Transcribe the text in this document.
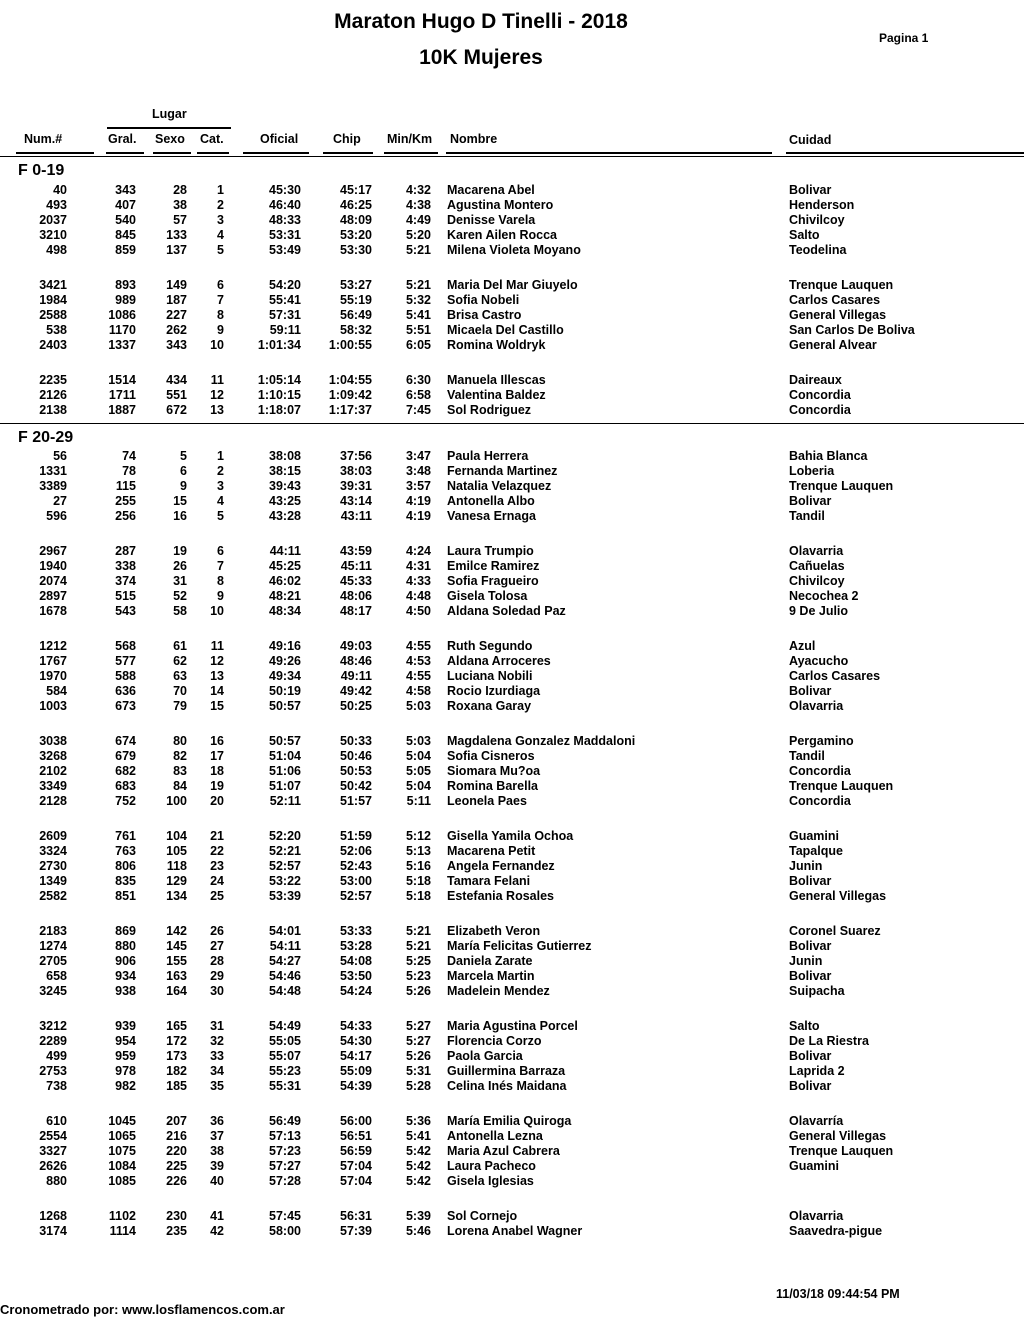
Maraton Hugo D Tinelli - 2018
10K Mujeres
Pagina 1
Lugar
Num.#	Gral. Sexo Cat.	Oficial	Chip Min/Km Nombre	Cuidad
F 0-19
40	343	28 1	45:30	45:17	4:32 Macarena Abel	Bolivar
493	407	38 2	46:40	46:25	4:38 Agustina Montero	Henderson
2037	540	57 3	48:33	48:09	4:49 Denisse Varela	Chivilcoy
3210	845 133 4	53:31	53:20	5:20 Karen Ailen Rocca	Salto
498	859 137 5	53:49	53:30	5:21 Milena Violeta Moyano	Teodelina
3421	893 149 6	54:20	53:27	5:21 Maria Del Mar Giuyelo	Trenque Lauquen
1984	989 187 7	55:41	55:19	5:32 Sofia Nobeli	Carlos Casares
2588	1086 227 8	57:31	56:49	5:41 Brisa Castro	General Villegas
538	1170 262 9	59:11	58:32	5:51 Micaela Del Castillo	San Carlos De Boliva
2403	1337 343 10	1:01:34 1:00:55	6:05 Romina Woldryk	General Alvear
2235	1514 434 11	1:05:14 1:04:55	6:30 Manuela Illescas	Daireaux
2126	1711 551 12	1:10:15 1:09:42	6:58 Valentina Baldez	Concordia
2138	1887 672 13	1:18:07 1:17:37	7:45 Sol Rodriguez	Concordia
F 20-29
56	74	5 1	38:08	37:56	3:47 Paula Herrera	Bahia Blanca
1331	78	6 2	38:15	38:03	3:48 Fernanda Martinez	Loberia
3389	115	9 3	39:43	39:31	3:57 Natalia Velazquez	Trenque Lauquen
27	255	15 4	43:25	43:14	4:19 Antonella Albo	Bolivar
596	256	16 5	43:28	43:11	4:19 Vanesa Ernaga	Tandil
2967	287	19 6	44:11	43:59	4:24 Laura Trumpio	Olavarria
1940	338	26 7	45:25	45:11	4:31 Emilce Ramirez	Cañuelas
2074	374	31 8	46:02	45:33	4:33 Sofia Fragueiro	Chivilcoy
2897	515	52 9	48:21	48:06	4:48 Gisela Tolosa	Necochea 2
1678	543	58 10	48:34	48:17	4:50 Aldana Soledad Paz	9 De Julio
1212	568	61 11	49:16	49:03	4:55 Ruth Segundo	Azul
1767	577	62 12	49:26	48:46	4:53 Aldana Arroceres	Ayacucho
1970	588	63 13	49:34	49:11	4:55 Luciana Nobili	Carlos Casares
584	636	70 14	50:19	49:42	4:58 Rocio Izurdiaga	Bolivar
1003	673	79 15	50:57	50:25	5:03 Roxana Garay	Olavarria
3038	674	80 16	50:57	50:33	5:03 Magdalena Gonzalez Maddaloni	Pergamino
3268	679	82 17	51:04	50:46	5:04 Sofia Cisneros	Tandil
2102	682	83 18	51:06	50:53	5:05 Siomara Mu?oa	Concordia
3349	683	84 19	51:07	50:42	5:04 Romina Barella	Trenque Lauquen
2128	752 100 20	52:11	51:57	5:11 Leonela Paes	Concordia
2609	761 104 21	52:20	51:59	5:12 Gisella Yamila Ochoa	Guamini
3324	763 105 22	52:21	52:06	5:13 Macarena Petit	Tapalque
2730	806 118 23	52:57	52:43	5:16 Angela Fernandez	Junin
1349	835 129 24	53:22	53:00	5:18 Tamara Felani	Bolivar
2582	851 134 25	53:39	52:57	5:18 Estefania Rosales	General Villegas
2183	869 142 26	54:01	53:33	5:21 Elizabeth Veron	Coronel Suarez
1274	880 145 27	54:11	53:28	5:21 María Felicitas Gutierrez	Bolivar
2705	906 155 28	54:27	54:08	5:25 Daniela Zarate	Junin
658	934 163 29	54:46	53:50	5:23 Marcela Martin	Bolivar
3245	938 164 30	54:48	54:24	5:26 Madelein Mendez	Suipacha
3212	939 165 31	54:49	54:33	5:27 Maria Agustina Porcel	Salto
2289	954 172 32	55:05	54:30	5:27 Florencia Corzo	De La Riestra
499	959 173 33	55:07	54:17	5:26 Paola Garcia	Bolivar
2753	978 182 34	55:23	55:09	5:31 Guillermina Barraza	Laprida 2
738	982 185 35	55:31	54:39	5:28 Celina Inés Maidana	Bolivar
610	1045 207 36	56:49	56:00	5:36 María Emilia Quiroga	Olavarría
2554	1065 216 37	57:13	56:51	5:41 Antonella Lezna	General Villegas
3327	1075 220 38	57:23	56:59	5:42 Maria Azul Cabrera	Trenque Lauquen
2626	1084 225 39	57:27	57:04	5:42 Laura Pacheco	Guamini
880	1085 226 40	57:28	57:04	5:42 Gisela Iglesias
1268	1102 230 41	57:45	56:31	5:39 Sol Cornejo	Olavarria
3174	1114 235 42	58:00	57:39	5:46 Lorena Anabel Wagner	Saavedra-pigue
11/03/18 09:44:54 PM
Cronometrado por: www.losflamencos.com.ar
